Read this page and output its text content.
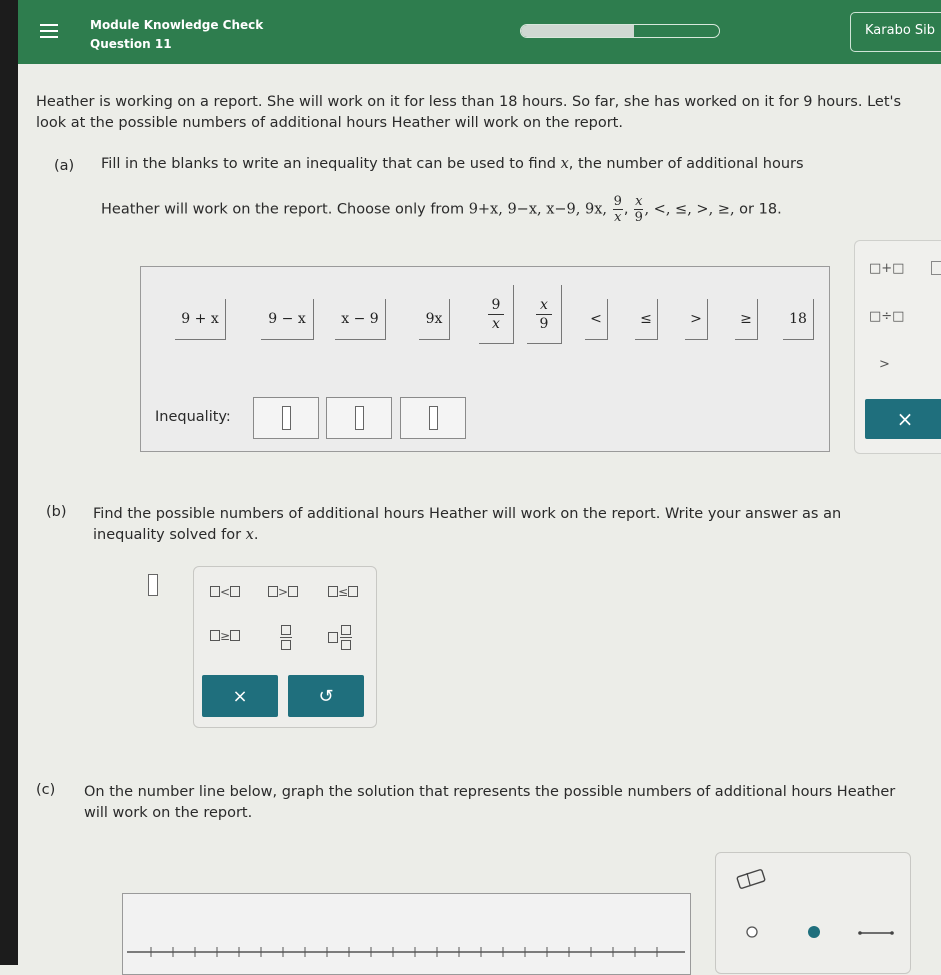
Module Knowledge Check
Question 11
Karabo Sib
Heather is working on a report. She will work on it for less than 18 hours. So far, she has worked on it for 9 hours. Let's look at the possible numbers of additional hours Heather will work on the report.
(a) Fill in the blanks to write an inequality that can be used to find x, the number of additional hours
Heather will work on the report. Choose only from 9+x, 9−x, x−9, 9x, $\frac{9}{x}$ , $\frac{x}{9}$ , <, ≤, >, ≥, or 18.
9 + x	9 − x	x − 9	9x	$\frac{9}{x} \frac{x}{9}$	<	≤	>	≥	18
Inequality:
□+□
□÷□
>
×
(b) Find the possible numbers of additional hours Heather will work on the report. Write your answer as an inequality solved for x.
<	>	≤
≥
×	↺
(c) On the number line below, graph the solution that represents the possible numbers of additional hours Heather will work on the report.
